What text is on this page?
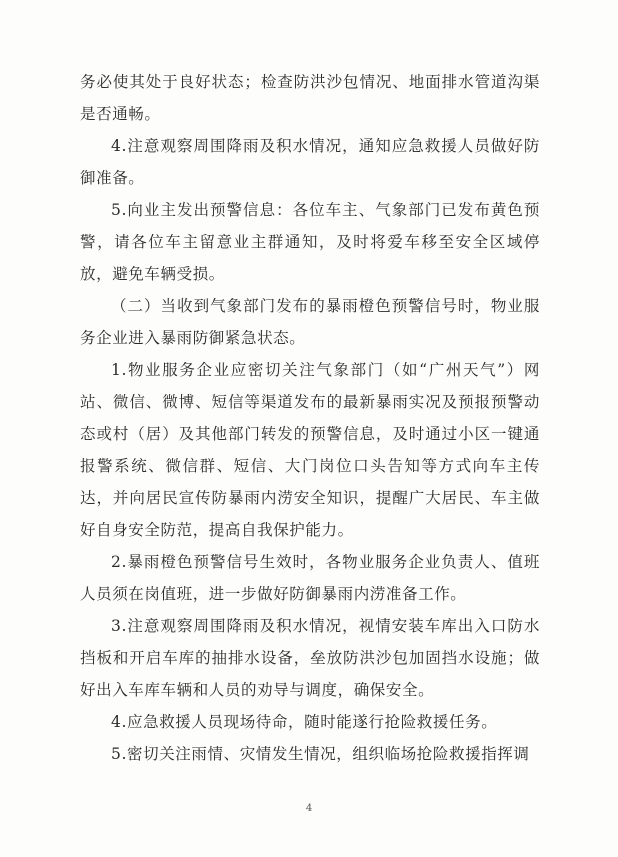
务必使其处于良好状态；检查防洪沙包情况、地面排水管道沟渠是否通畅。

4.注意观察周围降雨及积水情况，通知应急救援人员做好防御准备。

5.向业主发出预警信息：各位车主、气象部门已发布黄色预警，请各位车主留意业主群通知，及时将爱车移至安全区域停放，避免车辆受损。

（二）当收到气象部门发布的暴雨橙色预警信号时，物业服务企业进入暴雨防御紧急状态。

1.物业服务企业应密切关注气象部门（如“广州天气”）网站、微信、微博、短信等渠道发布的最新暴雨实况及预报预警动态或村（居）及其他部门转发的预警信息，及时通过小区一键通报警系统、微信群、短信、大门岗位口头告知等方式向车主传达，并向居民宣传防暴雨内涝安全知识，提醒广大居民、车主做好自身安全防范，提高自我保护能力。

2.暴雨橙色预警信号生效时，各物业服务企业负责人、值班人员须在岗值班，进一步做好防御暴雨内涝准备工作。

3.注意观察周围降雨及积水情况，视情安装车库出入口防水挡板和开启车库的抽排水设备，垒放防洪沙包加固挡水设施；做好出入车库车辆和人员的劝导与调度，确保安全。

4.应急救援人员现场待命，随时能遂行抢险救援任务。

5.密切关注雨情、灾情发生情况，组织临场抢险救援指挥调

4
